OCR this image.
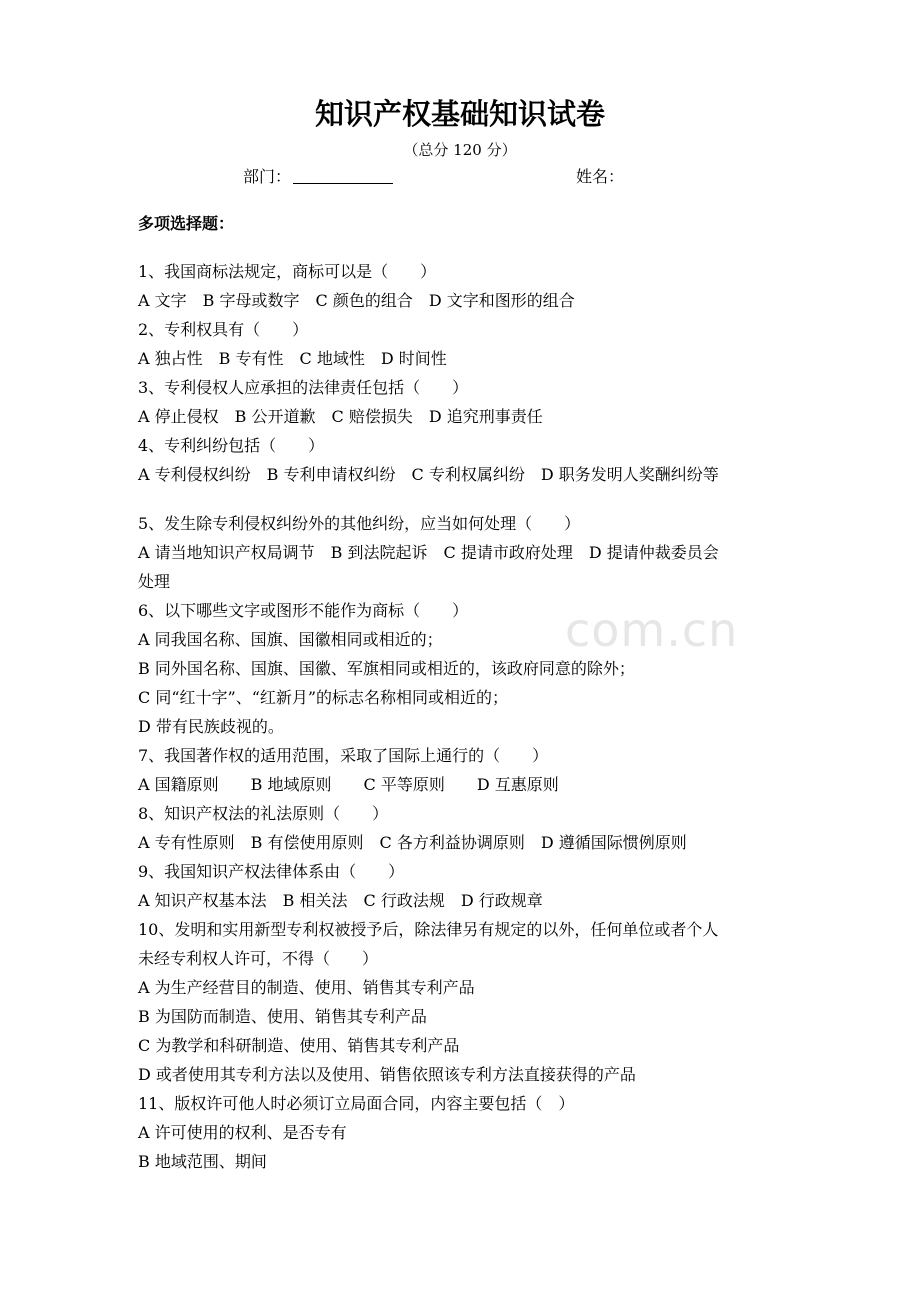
com.cn
知识产权基础知识试卷
（总分 120 分）
部门：	姓名：
多项选择题：
1、我国商标法规定，商标可以是（　　）
A 文字　B 字母或数字　C 颜色的组合　D 文字和图形的组合
2、专利权具有（　　）
A 独占性　B 专有性　C 地域性　D 时间性
3、专利侵权人应承担的法律责任包括（　　）
A 停止侵权　B 公开道歉　C 赔偿损失　D 追究刑事责任
4、专利纠纷包括（　　）
A 专利侵权纠纷　B 专利申请权纠纷　C 专利权属纠纷　D 职务发明人奖酬纠纷等
5、发生除专利侵权纠纷外的其他纠纷，应当如何处理（　　）
A 请当地知识产权局调节　B 到法院起诉　C 提请市政府处理　D 提请仲裁委员会
处理
6、以下哪些文字或图形不能作为商标（　　）
A 同我国名称、国旗、国徽相同或相近的；
B 同外国名称、国旗、国徽、军旗相同或相近的，该政府同意的除外；
C 同“红十字”、“红新月”的标志名称相同或相近的；
D 带有民族歧视的。
7、我国著作权的适用范围，采取了国际上通行的（　　）
A 国籍原则　　B 地域原则　　C 平等原则　　D 互惠原则
8、知识产权法的礼法原则（　　）
A 专有性原则　B 有偿使用原则　C 各方利益协调原则　D 遵循国际惯例原则
9、我国知识产权法律体系由（　　）
A 知识产权基本法　B 相关法　C 行政法规　D 行政规章
10、发明和实用新型专利权被授予后，除法律另有规定的以外，任何单位或者个人
未经专利权人许可，不得（　　）
A 为生产经营目的制造、使用、销售其专利产品
B 为国防而制造、使用、销售其专利产品
C 为教学和科研制造、使用、销售其专利产品
D 或者使用其专利方法以及使用、销售依照该专利方法直接获得的产品
11、版权许可他人时必须订立局面合同，内容主要包括（　）
A 许可使用的权利、是否专有
B 地域范围、期间
